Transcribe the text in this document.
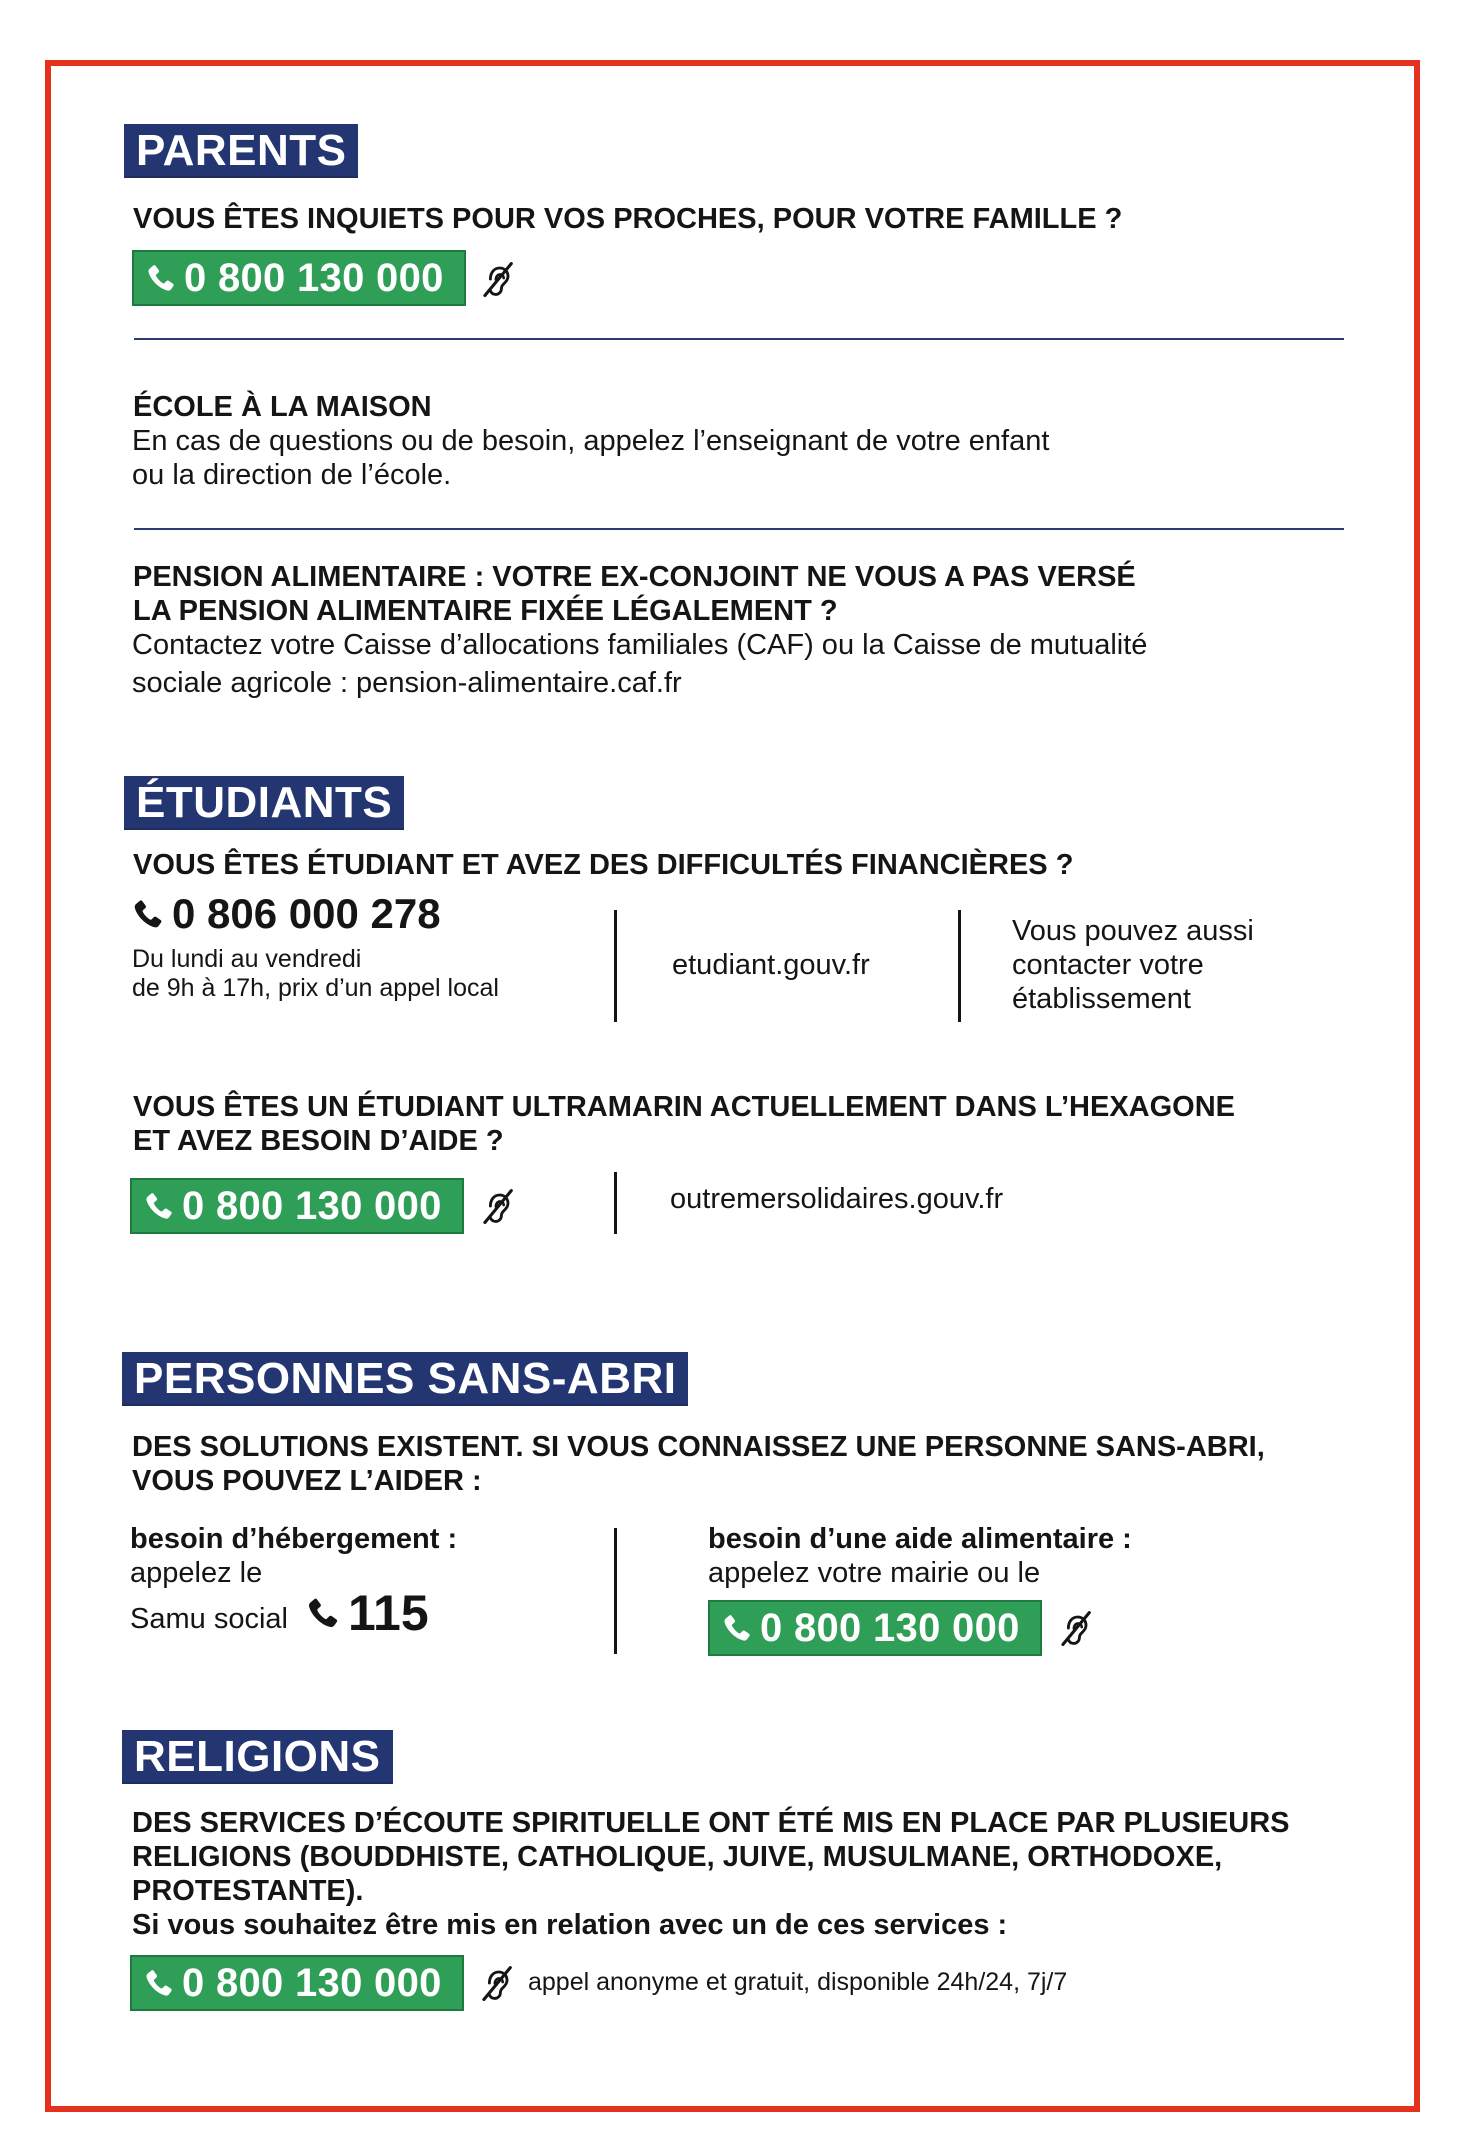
PARENTS
VOUS ÊTES INQUIETS POUR VOS PROCHES, POUR VOTRE FAMILLE ?
0 800 130 000
ÉCOLE À LA MAISON
En cas de questions ou de besoin, appelez l’enseignant de votre enfant
ou la direction de l’école.
PENSION ALIMENTAIRE : VOTRE EX-CONJOINT NE VOUS A PAS VERSÉ
LA PENSION ALIMENTAIRE FIXÉE LÉGALEMENT ?
Contactez votre Caisse d’allocations familiales (CAF) ou la Caisse de mutualité
sociale agricole : pension-alimentaire.caf.fr
ÉTUDIANTS
VOUS ÊTES ÉTUDIANT ET AVEZ DES DIFFICULTÉS FINANCIÈRES ?
0 806 000 278
Du lundi au vendredi
de 9h à 17h, prix d’un appel local
etudiant.gouv.fr
Vous pouvez aussi
contacter votre
établissement
VOUS ÊTES UN ÉTUDIANT ULTRAMARIN ACTUELLEMENT DANS L’HEXAGONE
ET AVEZ BESOIN D’AIDE ?
0 800 130 000	outremersolidaires.gouv.fr
PERSONNES SANS-ABRI
DES SOLUTIONS EXISTENT. SI VOUS CONNAISSEZ UNE PERSONNE SANS-ABRI,
VOUS POUVEZ L’AIDER :
besoin d’hébergement :
appelez le
Samu social 115
besoin d’une aide alimentaire :
appelez votre mairie ou le
0 800 130 000
RELIGIONS
DES SERVICES D’ÉCOUTE SPIRITUELLE ONT ÉTÉ MIS EN PLACE PAR PLUSIEURS
RELIGIONS (BOUDDHISTE, CATHOLIQUE, JUIVE, MUSULMANE, ORTHODOXE,
PROTESTANTE).
Si vous souhaitez être mis en relation avec un de ces services :
0 800 130 000	appel anonyme et gratuit, disponible 24h/24, 7j/7
